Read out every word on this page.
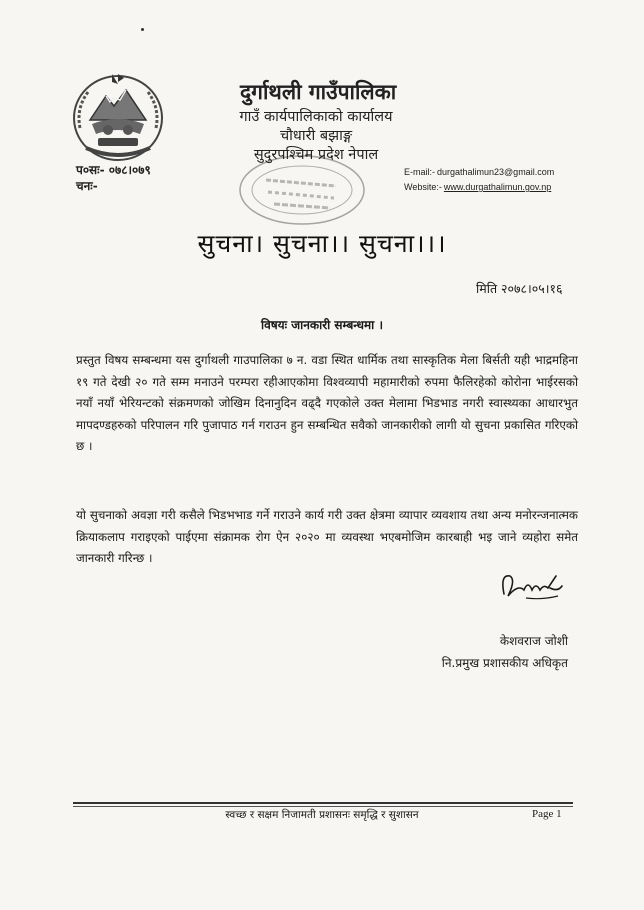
दुर्गाथली गाउँपालिका
गाउँ कार्यपालिकाको कार्यालय
चौधारी बझाङ्ग
सुदुरपश्चिम प्रदेश नेपाल
प०सः- ०७८।०७९
चनः-
E-mail:- durgathalimun23@gmail.com
Website:- www.durgathalimun.gov.np
सुचना। सुचना।। सुचना।।।
मिति २०७८।०५।१६
विषयः जानकारी सम्बन्धमा ।
प्रस्तुत विषय सम्बन्धमा यस दुर्गाथली गाउपालिका ७ न. वडा स्थित धार्मिक तथा सास्कृतिक मेला बिर्सती यही भाद्रमहिना १९ गते देखी २० गते सम्म मनाउने परम्परा रहीआएकोमा विश्वव्यापी महामारीको रुपमा फैलिरहेको कोरोना भाईरसको नयाँ नयाँ भेरियन्टको संक्रमणको जोखिम दिनानुदिन वढ्दै गएकोले उक्त मेलामा भिडभाड नगरी स्वास्थ्यका आधारभुत मापदण्डहरुको परिपालन गरि पुजापाठ गर्न गराउन हुन सम्बन्धित सवैको जानकारीको लागी यो सुचना प्रकासित गरिएको छ ।
यो सुचनाको अवज्ञा गरी कसैले भिडभभाड गर्ने गराउने कार्य गरी उक्त क्षेत्रमा व्यापार व्यवशाय तथा अन्य मनोरन्जनात्मक क्रियाकलाप गराइएको पाईएमा संक्रामक रोग ऐन २०२० मा व्यवस्था भएबमोजिम कारबाही भइ जाने व्यहोरा समेत जानकारी गरिन्छ ।
केशवराज जोशी
नि.प्रमुख प्रशासकीय अधिकृत
स्वच्छ र सक्षम निजामती प्रशासनः समृद्धि र सुशासन	Page 1
